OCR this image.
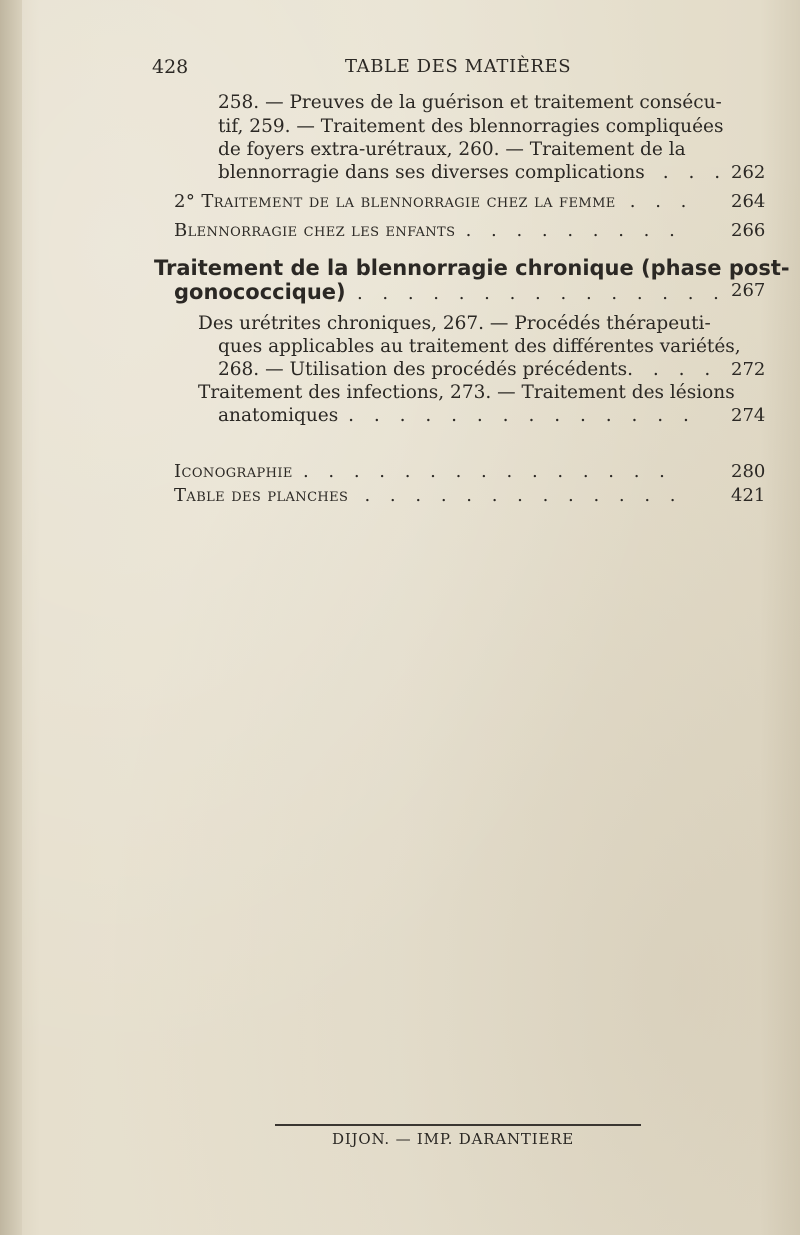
428	TABLE DES MATIÈRES
258. — Preuves de la guérison et traitement consécu-
tif, 259. — Traitement des blennorragies compliquées
de foyers extra-urétraux, 260. — Traitement de la
blennorragie dans ses diverses complications . . . 262
2° Traitement de la blennorragie chez la femme . . . 264
Blennorragie chez les enfants . . . . . . . . .	266
Traitement de la blennorragie chronique (phase post-
gonococcique) . . . . . . . . . . . . . . . 267
Des urétrites chroniques, 267. — Procédés thérapeuti-
ques applicables au traitement des différentes variétés,
268. — Utilisation des procédés précédents. . . . 272
Traitement des infections, 273. — Traitement des lésions
anatomiques . . . . . . . . . . . . . . 274
Iconographie . . . . . . . . . . . . . . .	280
Table des planches . . . . . . . . . . . . .	421
DIJON. — IMP. DARANTIERE
